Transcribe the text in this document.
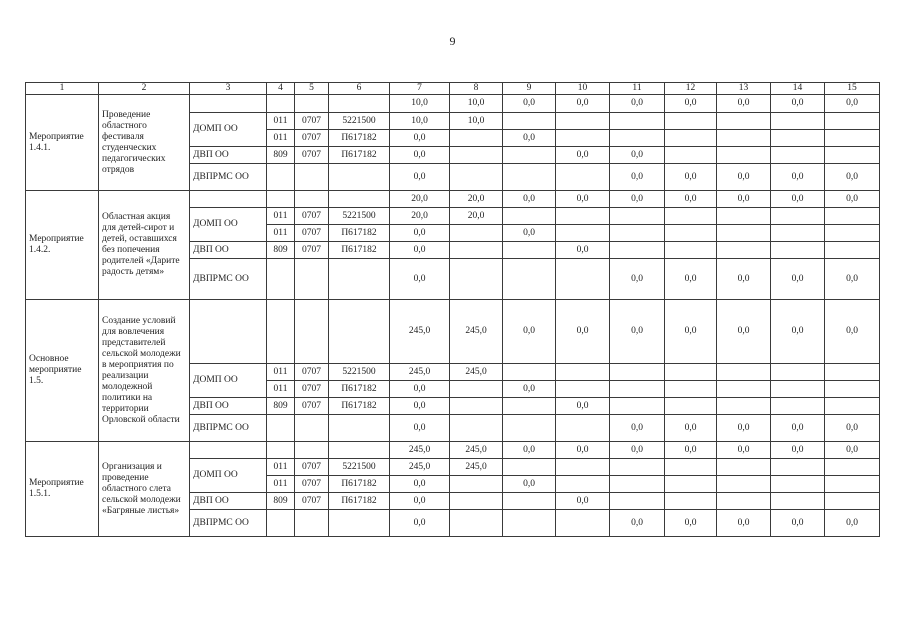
9
1	2	3	4	5	6	7	8	9	10	11	12	13	14	15
Мероприятие 1.4.1.	Проведение областного фестиваля студенческих педагогических отрядов					10,0	10,0	0,0	0,0	0,0	0,0	0,0	0,0	0,0
		ДОМП ОО	011	0707	5221500	10,0	10,0							
			011	0707	П617182	0,0		0,0						
		ДВП ОО	809	0707	П617182	0,0			0,0	0,0				
		ДВПРМС ОО				0,0				0,0	0,0	0,0	0,0	0,0
Мероприятие 1.4.2.	Областная акция для детей-сирот и детей, оставшихся без попечения родителей «Дарите радость детям»					20,0	20,0	0,0	0,0	0,0	0,0	0,0	0,0	0,0
		ДОМП ОО	011	0707	5221500	20,0	20,0							
			011	0707	П617182	0,0		0,0						
		ДВП ОО	809	0707	П617182	0,0			0,0					
		ДВПРМС ОО				0,0				0,0	0,0	0,0	0,0	0,0
Основное мероприятие 1.5.	Создание условий для вовлечения представителей сельской молодежи в мероприятия по реализации молодежной политики на территории Орловской области					245,0	245,0	0,0	0,0	0,0	0,0	0,0	0,0	0,0
		ДОМП ОО	011	0707	5221500	245,0	245,0							
			011	0707	П617182	0,0		0,0						
		ДВП ОО	809	0707	П617182	0,0			0,0					
		ДВПРМС ОО				0,0				0,0	0,0	0,0	0,0	0,0
Мероприятие 1.5.1.	Организация и проведение областного слета сельской молодежи «Багряные листья»					245,0	245,0	0,0	0,0	0,0	0,0	0,0	0,0	0,0
		ДОМП ОО	011	0707	5221500	245,0	245,0							
			011	0707	П617182	0,0		0,0						
		ДВП ОО	809	0707	П617182	0,0			0,0					
		ДВПРМС ОО				0,0				0,0	0,0	0,0	0,0	0,0
